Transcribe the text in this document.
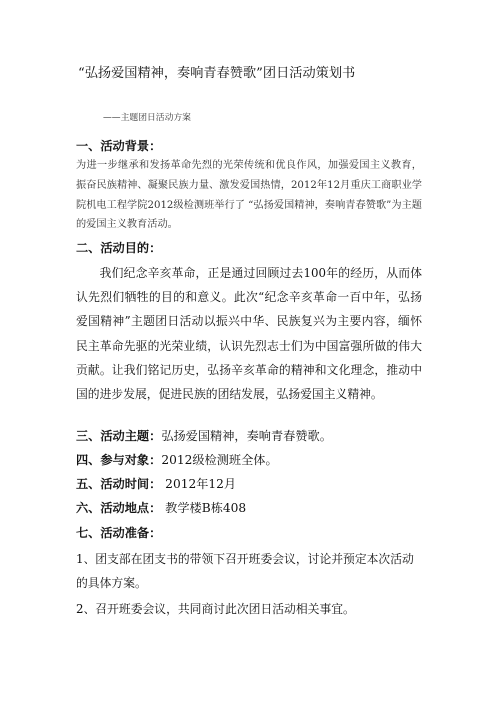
“弘扬爱国精神，奏响青春赞歌”团日活动策划书
——主题团日活动方案
一、活动背景：
为进一步继承和发扬革命先烈的光荣传统和优良作风，加强爱国主义教育，振奋民族精神、凝聚民族力量、激发爱国热情，2012年12月重庆工商职业学院机电工程学院2012级检测班举行了 “弘扬爱国精神，奏响青春赞歌”为主题的爱国主义教育活动。
二、活动目的：
我们纪念辛亥革命，正是通过回顾过去100年的经历，从而体认先烈们牺牲的目的和意义。此次“纪念辛亥革命一百中年，弘扬爱国精神”主题团日活动以振兴中华、民族复兴为主要内容，缅怀民主革命先驱的光荣业绩，认识先烈志士们为中国富强所做的伟大贡献。让我们铭记历史，弘扬辛亥革命的精神和文化理念，推动中国的进步发展，促进民族的团结发展，弘扬爱国主义精神。
三、活动主题：弘扬爱国精神，奏响青春赞歌。
四、参与对象：2012级检测班全体。
五、活动时间： 2012年12月
六、活动地点： 教学楼B栋408
七、活动准备：
1、团支部在团支书的带领下召开班委会议，讨论并预定本次活动的具体方案。
2、召开班委会议，共同商讨此次团日活动相关事宜。
